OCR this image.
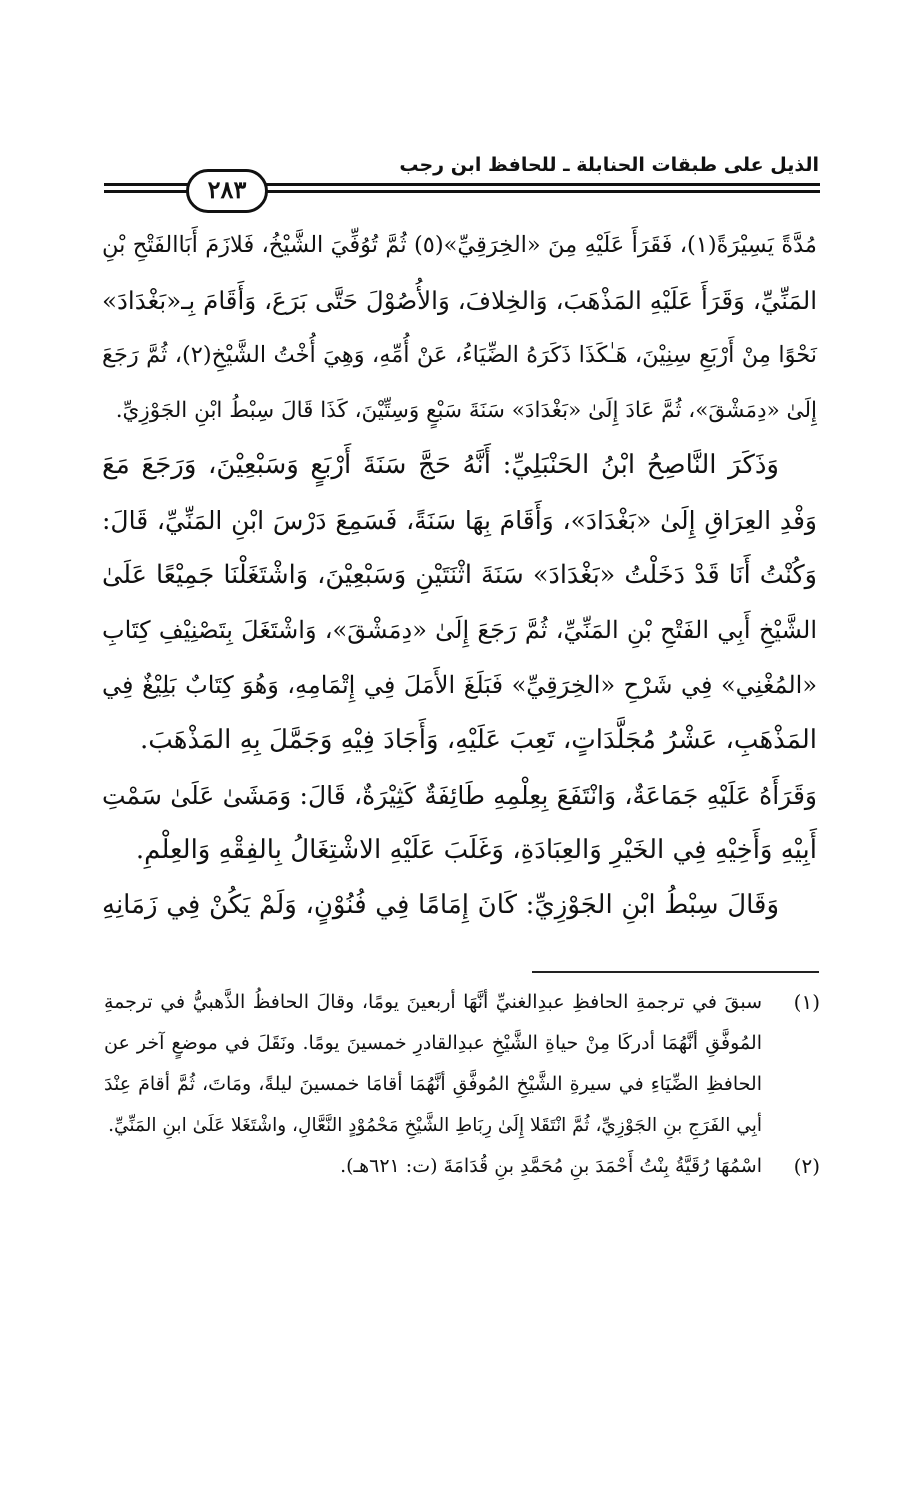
الذيل على طبقات الحنابلة ـ للحافظ ابن رجب
٢٨٣
مُدَّةً يَسِيْرَةً(١)، فَقَرَأَ عَلَيْهِ مِنَ «الخِرَقِيِّ»(٥) ثُمَّ تُوُفِّيَ الشَّيْخُ، فَلازَمَ أَبَاالفَتْحِ بْنِ
المَنِّيِّ، وَقَرَأَ عَلَيْهِ المَذْهَبَ، وَالخِلافَ، وَالأُصُوْلَ حَتَّى بَرَعَ، وَأَقَامَ بِـ«بَغْدَادَ»
نَحْوًا مِنْ أَرْبَعِ سِنِيْنَ، هَـٰكَذَا ذَكَرَهُ الضِّيَاءُ، عَنْ أُمِّهِ، وَهِيَ أُخْتُ الشَّيْخِ(٢)، ثُمَّ رَجَعَ
إِلَىٰ «دِمَشْقَ»، ثُمَّ عَادَ إِلَىٰ «بَغْدَادَ» سَنَةَ سَبْعٍ وَسِتِّيْنَ، كَذَا قَالَ سِبْطُ ابْنِ الجَوْزِيِّ.
وَذَكَرَ النَّاصِحُ ابْنُ الحَنْبَلِيِّ: أَنَّهُ حَجَّ سَنَةَ أَرْبَعٍ وَسَبْعِيْنَ، وَرَجَعَ مَعَ
وَفْدِ العِرَاقِ إِلَىٰ «بَغْدَادَ»، وَأَقَامَ بِهَا سَنَةً، فَسَمِعَ دَرْسَ ابْنِ المَنِّيِّ، قَالَ:
وَكُنْتُ أَنَا قَدْ دَخَلْتُ «بَغْدَادَ» سَنَةَ اثْنَتَيْنِ وَسَبْعِيْنَ، وَاشْتَغَلْنَا جَمِيْعًا عَلَىٰ
الشَّيْخِ أَبِي الفَتْحِ بْنِ المَنِّيِّ، ثُمَّ رَجَعَ إِلَىٰ «دِمَشْقَ»، وَاشْتَغَلَ بِتَصْنِيْفِ كِتَابِ
«المُغْنِي» فِي شَرْحِ «الخِرَقِيِّ» فَبَلَغَ الأَمَلَ فِي إِتْمَامِهِ، وَهُوَ كِتَابٌ بَلِيْغٌ فِي
المَذْهَبِ، عَشْرُ مُجَلَّدَاتٍ، تَعِبَ عَلَيْهِ، وَأَجَادَ فِيْهِ وَجَمَّلَ بِهِ المَذْهَبَ.
وَقَرَأَهُ عَلَيْهِ جَمَاعَةٌ، وَانْتَفَعَ بِعِلْمِهِ طَائِفَةٌ كَثِيْرَةٌ، قَالَ: وَمَشَىٰ عَلَىٰ سَمْتِ
أَبِيْهِ وَأَخِيْهِ فِي الخَيْرِ وَالعِبَادَةِ، وَغَلَبَ عَلَيْهِ الاشْتِغَالُ بِالفِقْهِ وَالعِلْمِ.
وَقَالَ سِبْطُ ابْنِ الجَوْزِيِّ: كَانَ إِمَامًا فِي فُنُوْنٍ، وَلَمْ يَكُنْ فِي زَمَانِهِ
(١)
سبقَ في ترجمةِ الحافظِ عبدِالغنيِّ أنَّهَا أربعينَ يومًا، وقالَ الحافظُ الذَّهبيُّ في ترجمةِ
المُوفَّقِ أنَّهُمَا أدركَا مِنْ حياةِ الشَّيْخِ عبدِالقادرِ خمسينَ يومًا. ونَقَلَ في موضعٍ آخر عن
الحافظِ الضِّيَاءِ في سيرةِ الشَّيْخِ المُوفَّقِ أنَّهُمَا أقامَا خمسينَ ليلةً، ومَاتَ، ثُمَّ أقامَ عِنْدَ
أبِي الفَرَجِ بنِ الجَوْزِيِّ، ثُمَّ انْتَقَلا إِلَىٰ رِبَاطِ الشَّيْخِ مَحْمُوْدٍ النَّعَّالِ، واشْتَغَلا عَلَىٰ ابنِ المَنِّيِّ.
(٢)
اسْمُهَا رُقَيَّةُ بِنْتُ أَحْمَدَ بنِ مُحَمَّدِ بنِ قُدَامَةَ (ت: ٦٢١هـ).
